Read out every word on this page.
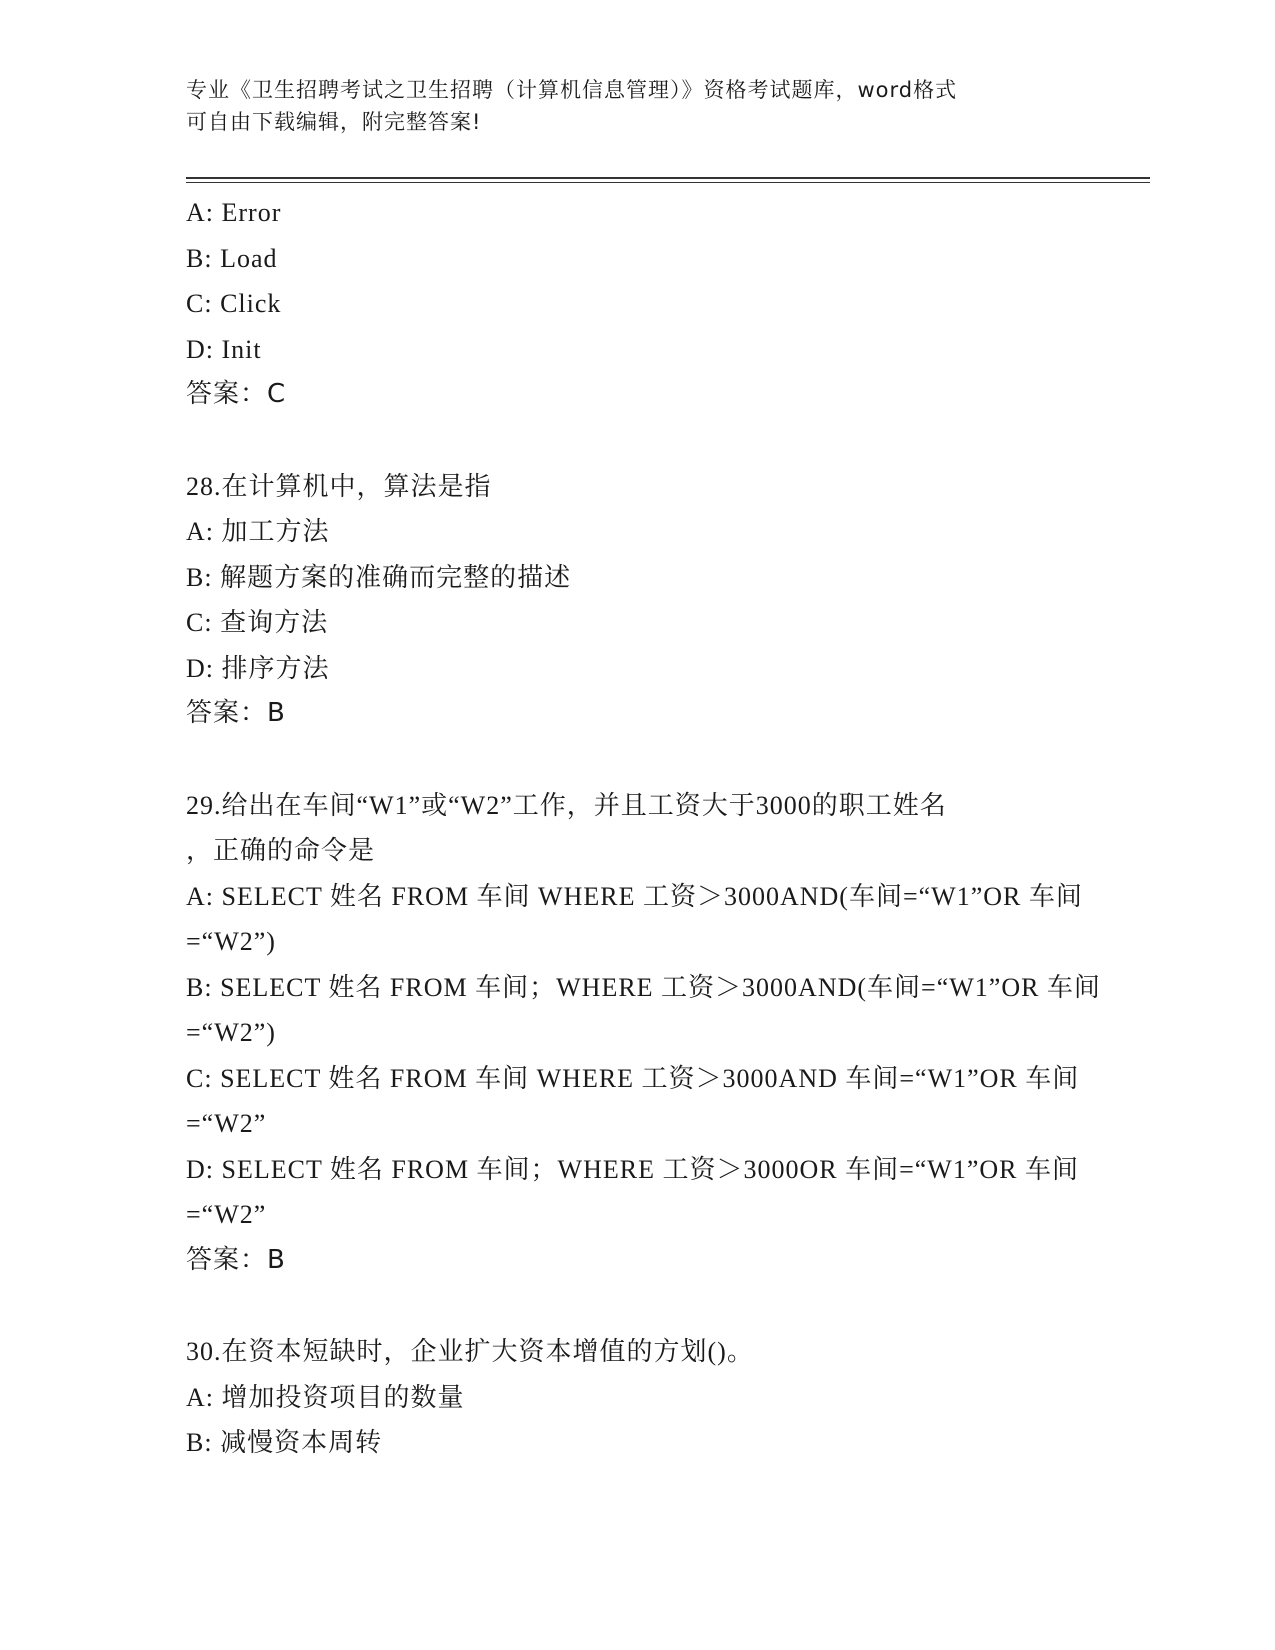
专业《卫生招聘考试之卫生招聘（计算机信息管理）》资格考试题库，word格式
可自由下载编辑，附完整答案!
A: Error
B: Load
C: Click
D: Init
答案：C
28.在计算机中，算法是指
A: 加工方法
B: 解题方案的准确而完整的描述
C: 查询方法
D: 排序方法
答案：B
29.给出在车间“W1”或“W2”工作，并且工资大于3000的职工姓名
，正确的命令是
A: SELECT 姓名 FROM 车间 WHERE 工资＞3000AND(车间=“W1”OR 车间
=“W2”)
B: SELECT 姓名 FROM 车间；WHERE 工资＞3000AND(车间=“W1”OR 车间
=“W2”)
C: SELECT 姓名 FROM 车间 WHERE 工资＞3000AND 车间=“W1”OR 车间
=“W2”
D: SELECT 姓名 FROM 车间；WHERE 工资＞3000OR 车间=“W1”OR 车间
=“W2”
答案：B
30.在资本短缺时，企业扩大资本增值的方划()。
A: 增加投资项目的数量
B: 减慢资本周转
